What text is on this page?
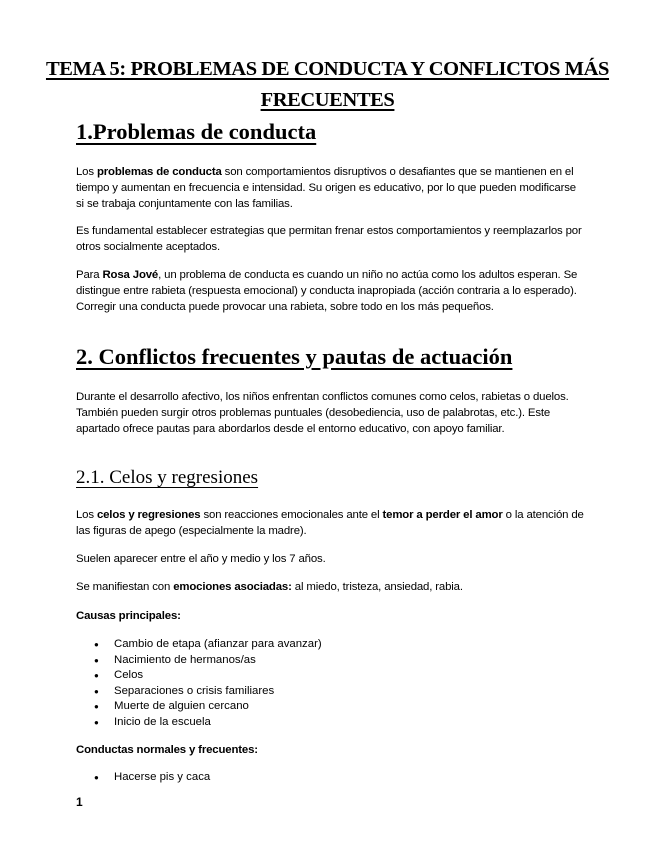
TEMA 5: PROBLEMAS DE CONDUCTA Y CONFLICTOS MÁS FRECUENTES
1.Problemas de conducta
Los problemas de conducta son comportamientos disruptivos o desafiantes que se mantienen en el tiempo y aumentan en frecuencia e intensidad. Su origen es educativo, por lo que pueden modificarse si se trabaja conjuntamente con las familias.
Es fundamental establecer estrategias que permitan frenar estos comportamientos y reemplazarlos por otros socialmente aceptados.
Para Rosa Jové, un problema de conducta es cuando un niño no actúa como los adultos esperan. Se distingue entre rabieta (respuesta emocional) y conducta inapropiada (acción contraria a lo esperado). Corregir una conducta puede provocar una rabieta, sobre todo en los más pequeños.
2. Conflictos frecuentes y pautas de actuación
Durante el desarrollo afectivo, los niños enfrentan conflictos comunes como celos, rabietas o duelos. También pueden surgir otros problemas puntuales (desobediencia, uso de palabrotas, etc.). Este apartado ofrece pautas para abordarlos desde el entorno educativo, con apoyo familiar.
2.1. Celos y regresiones
Los celos y regresiones son reacciones emocionales ante el temor a perder el amor o la atención de las figuras de apego (especialmente la madre).
Suelen aparecer entre el año y medio y los 7 años.
Se manifiestan con emociones asociadas: al miedo, tristeza, ansiedad, rabia.
Causas principales:
● Cambio de etapa (afianzar para avanzar)
● Nacimiento de hermanos/as
● Celos
● Separaciones o crisis familiares
● Muerte de alguien cercano
● Inicio de la escuela
Conductas normales y frecuentes:
● Hacerse pis y caca
1
